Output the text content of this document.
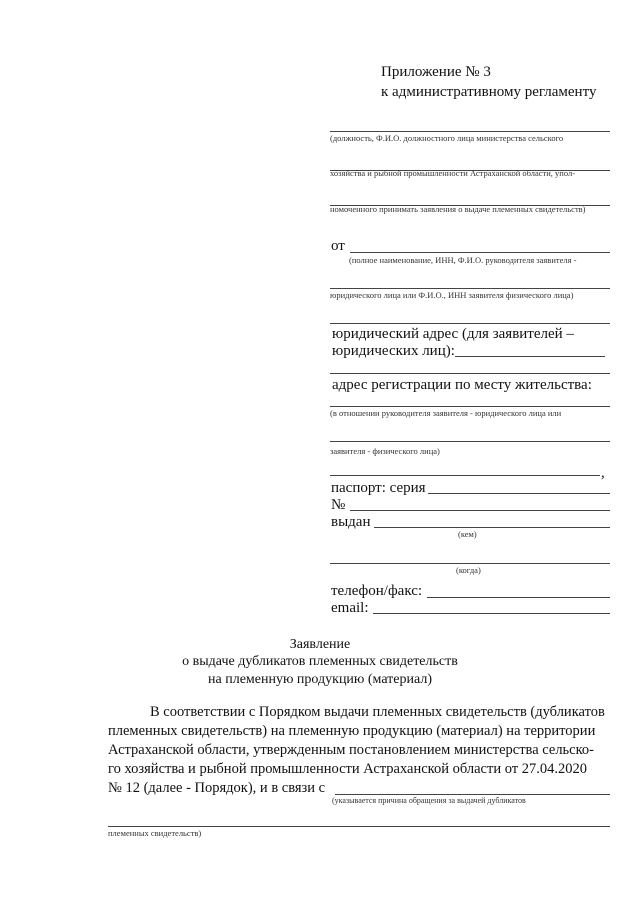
Приложение № 3
к административному регламенту
(должность, Ф.И.О. должностного лица министерства сельского
хозяйства и рыбной промышленности Астраханской области, упол-
номоченного принимать заявления о выдаче племенных свидетельств)
от
(полное наименование, ИНН, Ф.И.О. руководителя заявителя -
юридического лица или Ф.И.О., ИНН заявителя физического лица)
юридический адрес (для заявителей –
юридических лиц):
адрес регистрации по месту жительства:
(в отношении руководителя заявителя - юридического лица или
заявителя - физического лица)
,
паспорт: серия
№
выдан
(кем)
(когда)
телефон/факс:
email:
Заявление
о выдаче дубликатов племенных свидетельств
на племенную продукцию (материал)
В соответствии с Порядком выдачи племенных свидетельств (дубликатов
племенных свидетельств) на племенную продукцию (материал) на территории
Астраханской области, утвержденным постановлением министерства сельско-
го хозяйства и рыбной промышленности Астраханской области от 27.04.2020
№ 12 (далее - Порядок), и в связи с
(указывается причина обращения за выдачей дубликатов
племенных свидетельств)
